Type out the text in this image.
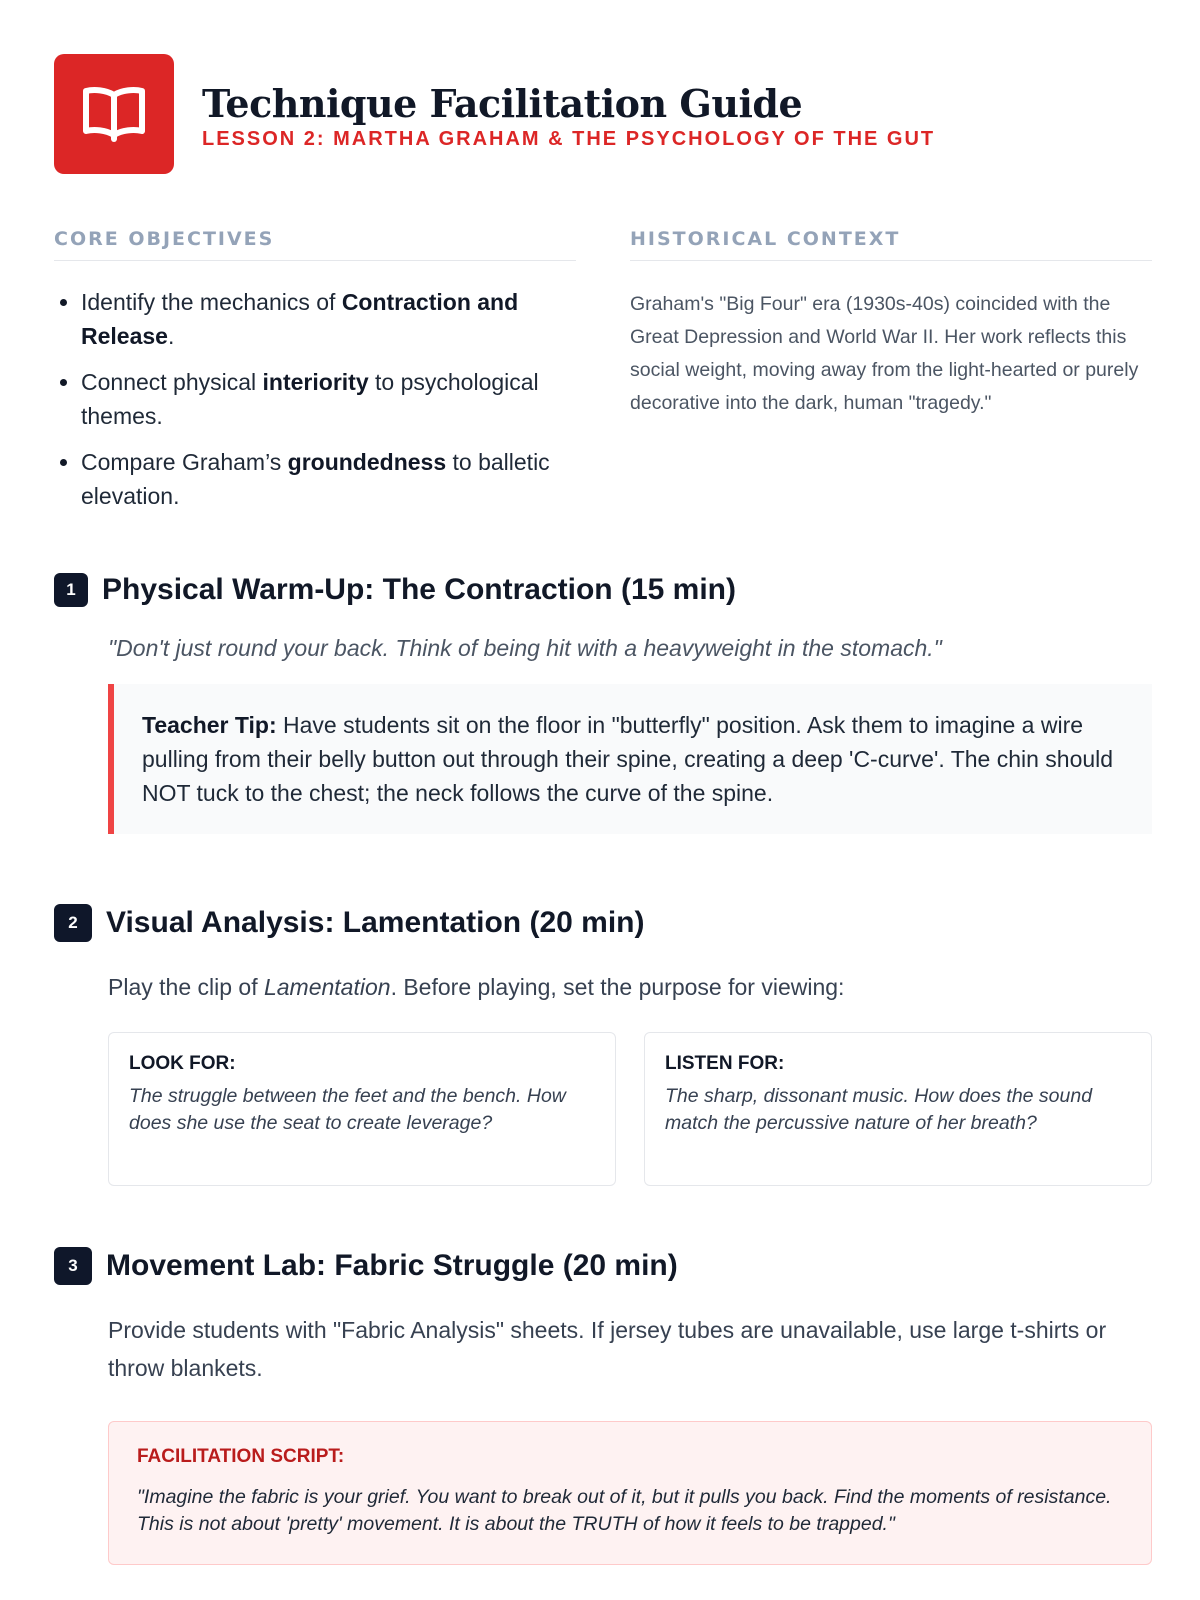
Technique Facilitation Guide
LESSON 2: MARTHA GRAHAM & THE PSYCHOLOGY OF THE GUT
CORE OBJECTIVES
• Identify the mechanics of Contraction and Release.
• Connect physical interiority to psychological themes.
• Compare Graham’s groundedness to balletic elevation.
HISTORICAL CONTEXT
Graham's "Big Four" era (1930s-40s) coincided with the Great Depression and World War II. Her work reflects this social weight, moving away from the light-hearted or purely decorative into the dark, human "tragedy."
1 Physical Warm-Up: The Contraction (15 min)
"Don't just round your back. Think of being hit with a heavyweight in the stomach."
Teacher Tip: Have students sit on the floor in "butterfly" position. Ask them to imagine a wire pulling from their belly button out through their spine, creating a deep 'C-curve'. The chin should NOT tuck to the chest; the neck follows the curve of the spine.
2 Visual Analysis: Lamentation (20 min)
Play the clip of Lamentation. Before playing, set the purpose for viewing:
LOOK FOR:
The struggle between the feet and the bench. How does she use the seat to create leverage?
LISTEN FOR:
The sharp, dissonant music. How does the sound match the percussive nature of her breath?
3 Movement Lab: Fabric Struggle (20 min)
Provide students with "Fabric Analysis" sheets. If jersey tubes are unavailable, use large t-shirts or throw blankets.
FACILITATION SCRIPT:
"Imagine the fabric is your grief. You want to break out of it, but it pulls you back. Find the moments of resistance. This is not about 'pretty' movement. It is about the TRUTH of how it feels to be trapped."
